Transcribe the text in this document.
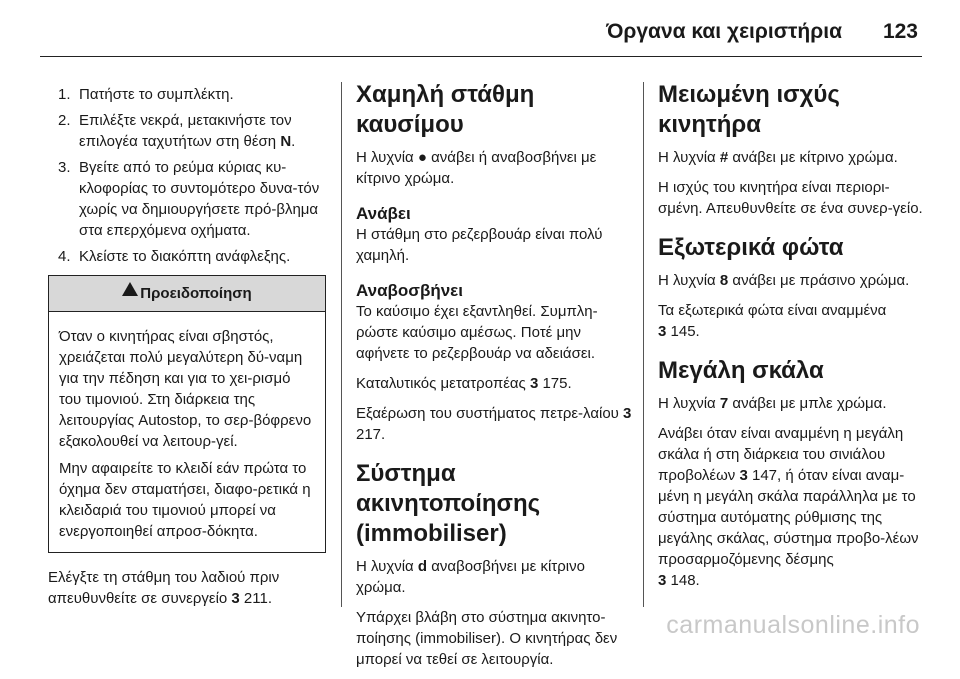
Όργανα και χειριστήρια 123
1. Πατήστε το συμπλέκτη.
2. Επιλέξτε νεκρά, μετακινήστε τον επιλογέα ταχυτήτων στη θέση N.
3. Βγείτε από το ρεύμα κύριας κυ-κλοφορίας το συντομότερο δυνα-τόν χωρίς να δημιουργήσετε πρό-βλημα στα επερχόμενα οχήματα.
4. Κλείστε το διακόπτη ανάφλεξης.
Προειδοποίηση

Όταν ο κινητήρας είναι σβηστός, χρειάζεται πολύ μεγαλύτερη δύ-ναμη για την πέδηση και για το χει-ρισμό του τιμονιού. Στη διάρκεια της λειτουργίας Autostop, το σερ-βόφρενο εξακολουθεί να λειτουρ-γεί.

Μην αφαιρείτε το κλειδί εάν πρώτα το όχημα δεν σταματήσει, διαφο-ρετικά η κλειδαριά του τιμονιού μπορεί να ενεργοποιηθεί απροσ-δόκητα.

Ελέγξτε τη στάθμη του λαδιού πριν απευθυνθείτε σε συνεργείο 3 211.

Χαμηλή στάθμη καυσίμου

Η λυχνία ● ανάβει ή αναβοσβήνει με κίτρινο χρώμα.

Ανάβει

Η στάθμη στο ρεζερβουάρ είναι πολύ χαμηλή.

Αναβοσβήνει

Το καύσιμο έχει εξαντληθεί. Συμπλη-ρώστε καύσιμο αμέσως. Ποτέ μην αφήνετε το ρεζερβουάρ να αδειάσει.

Καταλυτικός μετατροπέας 3 175.

Εξαέρωση του συστήματος πετρε-λαίου 3 217.

Σύστημα ακινητοποίησης (immobiliser)

Η λυχνία d αναβοσβήνει με κίτρινο χρώμα.

Υπάρχει βλάβη στο σύστημα ακινητο-ποίησης (immobiliser). Ο κινητήρας δεν μπορεί να τεθεί σε λειτουργία.

Μειωμένη ισχύς κινητήρα

Η λυχνία # ανάβει με κίτρινο χρώμα.

Η ισχύς του κινητήρα είναι περιορι-σμένη. Απευθυνθείτε σε ένα συνερ-γείο.

Εξωτερικά φώτα

Η λυχνία 8 ανάβει με πράσινο χρώμα.

Τα εξωτερικά φώτα είναι αναμμένα
3 145.

Μεγάλη σκάλα

Η λυχνία 7 ανάβει με μπλε χρώμα.

Ανάβει όταν είναι αναμμένη η μεγάλη σκάλα ή στη διάρκεια του σινιάλου προβολέων 3 147, ή όταν είναι αναμ-μένη η μεγάλη σκάλα παράλληλα με το σύστημα αυτόματης ρύθμισης της μεγάλης σκάλας, σύστημα προβο-λέων προσαρμοζόμενης δέσμης
3 148.

carmanualsonline.info
